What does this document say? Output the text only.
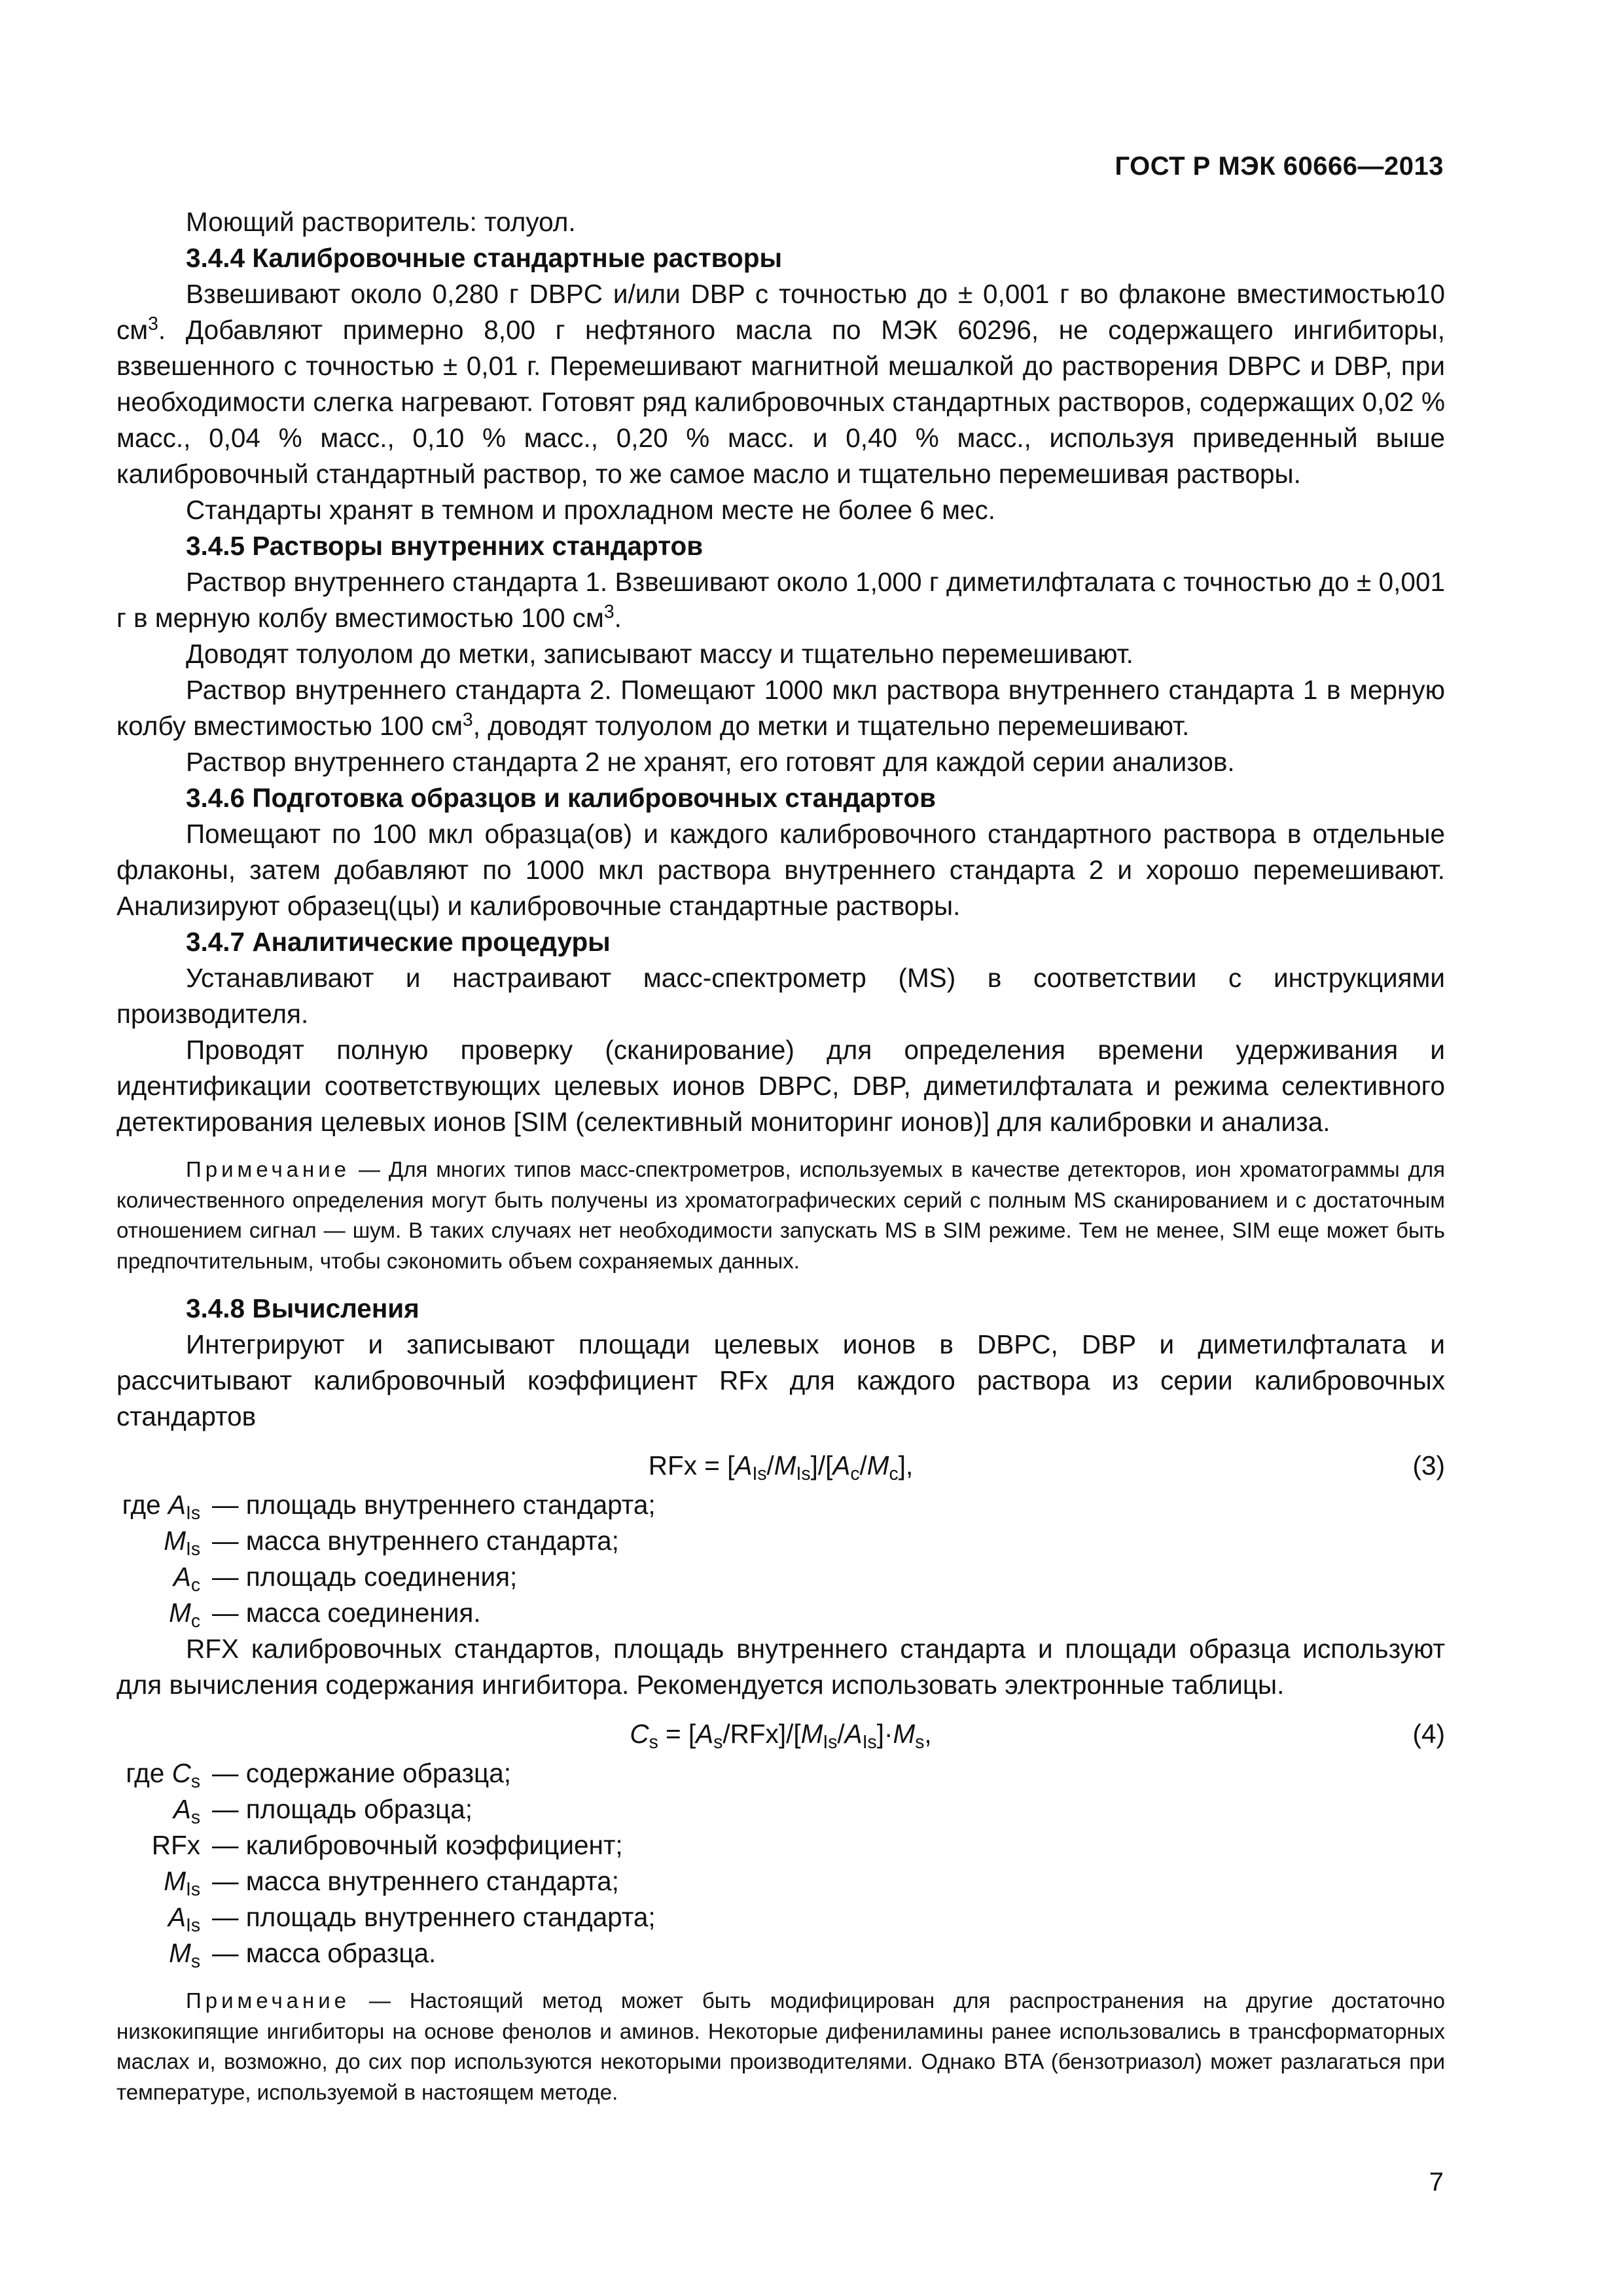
ГОСТ Р МЭК 60666—2013

Моющий растворитель: толуол.

3.4.4 Калибровочные стандартные растворы

Взвешивают около 0,280 г DBPC и/или DBP с точностью до ± 0,001 г во флаконе вместимостью10 $см^3$. Добавляют примерно 8,00 г нефтяного масла по МЭК 60296, не содержащего ингибиторы, взвешенного с точностью ± 0,01 г. Перемешивают магнитной мешалкой до растворения DBPC и DBP, при необходимости слегка нагревают. Готовят ряд калибровочных стандартных растворов, содержащих 0,02 % масс., 0,04 % масс., 0,10 % масс., 0,20 % масс. и 0,40 % масс., используя приведенный выше калибровочный стандартный раствор, то же самое масло и тщательно перемешивая растворы.

Стандарты хранят в темном и прохладном месте не более 6 мес.

3.4.5 Растворы внутренних стандартов

Раствор внутреннего стандарта 1. Взвешивают около 1,000 г диметилфталата с точностью до ± 0,001 г в мерную колбу вместимостью 100 $см^3$.

Доводят толуолом до метки, записывают массу и тщательно перемешивают.

Раствор внутреннего стандарта 2. Помещают 1000 мкл раствора внутреннего стандарта 1 в мерную колбу вместимостью 100 $см^3$, доводят толуолом до метки и тщательно перемешивают.

Раствор внутреннего стандарта 2 не хранят, его готовят для каждой серии анализов.

3.4.6 Подготовка образцов и калибровочных стандартов

Помещают по 100 мкл образца(ов) и каждого калибровочного стандартного раствора в отдельные флаконы, затем добавляют по 1000 мкл раствора внутреннего стандарта 2 и хорошо перемешивают. Анализируют образец(цы) и калибровочные стандартные растворы.

3.4.7 Аналитические процедуры

Устанавливают и настраивают масс-спектрометр (MS) в соответствии с инструкциями производителя.

Проводят полную проверку (сканирование) для определения времени удерживания и идентификации соответствующих целевых ионов DBPC, DBP, диметилфталата и режима селективного детектирования целевых ионов [SIM (селективный мониторинг ионов)] для калибровки и анализа.

Примечание — Для многих типов масс-спектрометров, используемых в качестве детекторов, ион хроматограммы для количественного определения могут быть получены из хроматографических серий с полным MS сканированием и с достаточным отношением сигнал — шум. В таких случаях нет необходимости запускать MS в SIM режиме. Тем не менее, SIM еще может быть предпочтительным, чтобы сэкономить объем сохраняемых данных.

3.4.8 Вычисления

Интегрируют и записывают площади целевых ионов в DBPC, DBP и диметилфталата и рассчитывают калибровочный коэффициент RFx для каждого раствора из серии калибровочных стандартов

RFx = $[A_{Is}/M_{Is}]/[A_c/M_c]$,	(3)
где $A_{Is}$ — площадь внутреннего стандарта;
$M_{Is}$ — масса внутреннего стандарта;
$A_c$ — площадь соединения;
$M_c$ — масса соединения.

RFX калибровочных стандартов, площадь внутреннего стандарта и площади образца используют для вычисления содержания ингибитора. Рекомендуется использовать электронные таблицы.

$C_s = [A_s/RFx]/[M_{Is}/A_{Is}]\cdot M_s$,	(4)
где $C_s$ — содержание образца;
$A_s$ — площадь образца;
RFx — калибровочный коэффициент;
$M_{Is}$ — масса внутреннего стандарта;
$A_{Is}$ — площадь внутреннего стандарта;
$M_s$ — масса образца.

Примечание — Настоящий метод может быть модифицирован для распространения на другие достаточно низкокипящие ингибиторы на основе фенолов и аминов. Некоторые дифениламины ранее использовались в трансформаторных маслах и, возможно, до сих пор используются некоторыми производителями. Однако BTA (бензотриазол) может разлагаться при температуре, используемой в настоящем методе.

7
